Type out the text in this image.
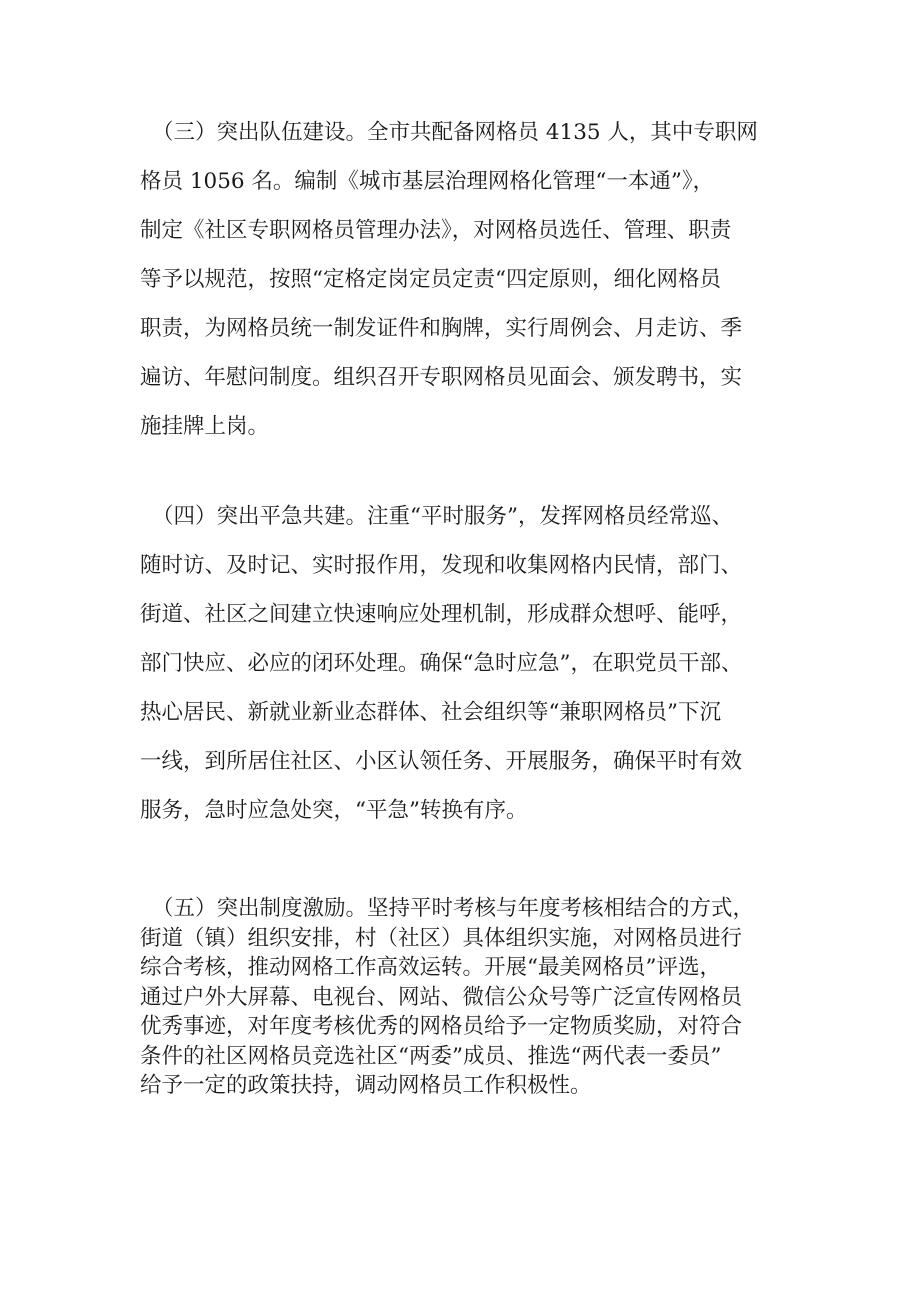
（三）突出队伍建设。全市共配备网格员 4135 人，其中专职网
格员 1056 名。编制《城市基层治理网格化管理“一本通”》，
制定《社区专职网格员管理办法》，对网格员选任、管理、职责
等予以规范，按照“定格定岗定员定责“四定原则，细化网格员
职责，为网格员统一制发证件和胸牌，实行周例会、月走访、季
遍访、年慰问制度。组织召开专职网格员见面会、颁发聘书，实
施挂牌上岗。
（四）突出平急共建。注重“平时服务”，发挥网格员经常巡、
随时访、及时记、实时报作用，发现和收集网格内民情，部门、
街道、社区之间建立快速响应处理机制，形成群众想呼、能呼，
部门快应、必应的闭环处理。确保“急时应急”，在职党员干部、
热心居民、新就业新业态群体、社会组织等“兼职网格员”下沉
一线，到所居住社区、小区认领任务、开展服务，确保平时有效
服务，急时应急处突，“平急”转换有序。
（五）突出制度激励。坚持平时考核与年度考核相结合的方式，
街道（镇）组织安排，村（社区）具体组织实施，对网格员进行
综合考核，推动网格工作高效运转。开展“最美网格员”评选，
通过户外大屏幕、电视台、网站、微信公众号等广泛宣传网格员
优秀事迹，对年度考核优秀的网格员给予一定物质奖励，对符合
条件的社区网格员竞选社区“两委”成员、推选“两代表一委员”
给予一定的政策扶持，调动网格员工作积极性。
